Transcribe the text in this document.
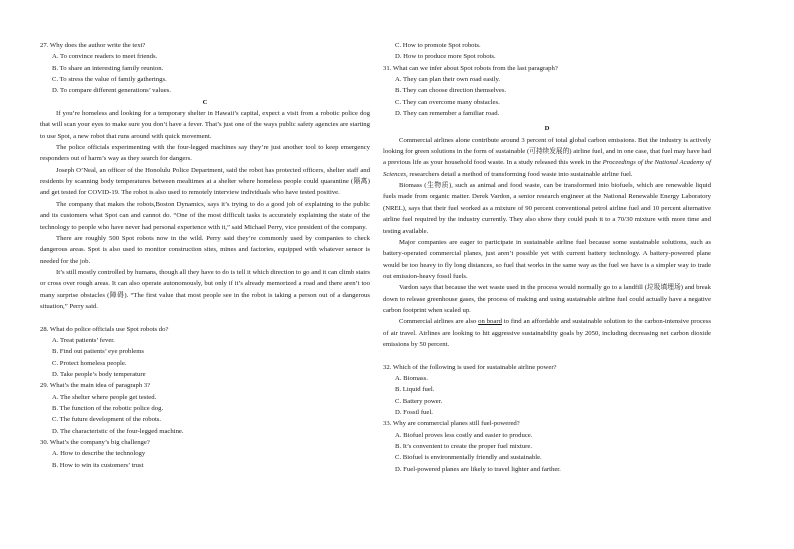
27. Why does the author write the text?

A. To convince readers to meet friends.

B. To share an interesting family reunion.

C. To stress the value of family gatherings.

D. To compare different generations’ values.

C

If you’re homeless and looking for a temporary shelter in Hawaii’s capital, expect a visit from a robotic police dog that will scan your eyes to make sure you don’t have a fever. That’s just one of the ways public safety agencies are starting to use Spot, a new robot that runs around with quick movement.

The police officials experimenting with the four-legged machines say they’re just another tool to keep emergency responders out of harm’s way as they search for dangers.

Joseph O’Neal, an officer of the Honolulu Police Department, said the robot has protected officers, shelter staff and residents by scanning body temperatures between mealtimes at a shelter where homeless people could quarantine (隔离) and get tested for COVID-19. The robot is also used to remotely interview individuals who have tested positive.

The company that makes the robots,Boston Dynamics, says it’s trying to do a good job of explaining to the public and its customers what Spot can and cannot do. “One of the most difficult tasks is accurately explaining the state of the technology to people who have never had personal experience with it,” said Michael Perry, vice president of the company.

There are roughly 500 Spot robots now in the wild. Perry said they’re commonly used by companies to check dangerous areas. Spot is also used to monitor construction sites, mines and factories, equipped with whatever sensor is needed for the job.

It’s still mostly controlled by humans, though all they have to do is tell it which direction to go and it can climb stairs or cross over rough areas. It can also operate autonomously, but only if it’s already memorized a road and there aren’t too many surprise obstacles (障碍). “The first value that most people see in the robot is taking a person out of a dangerous situation,” Perry said.

28. What do police officials use Spot robots do?

A. Treat patients’ fever.

B. Find out patients’ eye problems

C. Protect homeless people.

D. Take people’s body temperature

29. What’s the main idea of paragraph 3?

A. The shelter where people get tested.

B. The function of the robotic police dog.

C. The future development of the robots.

D. The characteristic of the four-legged machine.

30. What’s the company’s big challenge?

A. How to describe the technology

B. How to win its customers’ trust

C. How to promote Spot robots.

D. How to produce more Spot robots.

31. What can we infer about Spot robots from the last paragraph?

A. They can plan their own road easily.

B. They can choose direction themselves.

C. They can overcome many obstacles.

D. They can remember a familiar road.

D

Commercial airlines alone contribute around 3 percent of total global carbon emissions. But the industry is actively looking for green solutions in the form of sustainable (可持续发展的) airline fuel, and in one case, that fuel may have had a previous life as your household food waste. In a study released this week in the Proceedings of the National Academy of Sciences, researchers detail a method of transforming food waste into sustainable airline fuel.

Biomass (生物质), such as animal and food waste, can be transformed into biofuels, which are renewable liquid fuels made from organic matter. Derek Vardon, a senior research engineer at the National Renewable Energy Laboratory (NREL), says that their fuel worked as a mixture of 90 percent conventional petrol airline fuel and 10 percent alternative airline fuel required by the industry currently. They also show they could push it to a 70/30 mixture with more time and testing available.

Major companies are eager to participate in sustainable airline fuel because some sustainable solutions, such as battery-operated commercial planes, just aren’t possible yet with current battery technology. A battery-powered plane would be too heavy to fly long distances, so fuel that works in the same way as the fuel we have is a simpler way to trade out emission-heavy fossil fuels.

Vardon says that because the wet waste used in the process would normally go to a landfill (垃圾填埋场) and break down to release greenhouse gases, the process of making and using sustainable airline fuel could actually have a negative carbon footprint when scaled up.

Commercial airlines are also on board to find an affordable and sustainable solution to the carbon-intensive process of air travel. Airlines are looking to hit aggressive sustainability goals by 2050, including decreasing net carbon dioxide emissions by 50 percent.

32. Which of the following is used for sustainable airline power?

A. Biomass.

B. Liquid fuel.

C. Battery power.

D. Fossil fuel.

33. Why are commercial planes still fuel-powered?

A. Biofuel proves less costly and easier to produce.

B. It’s convenient to create the proper fuel mixture.

C. Biofuel is environmentally friendly and sustainable.

D. Fuel-powered planes are likely to travel lighter and farther.
